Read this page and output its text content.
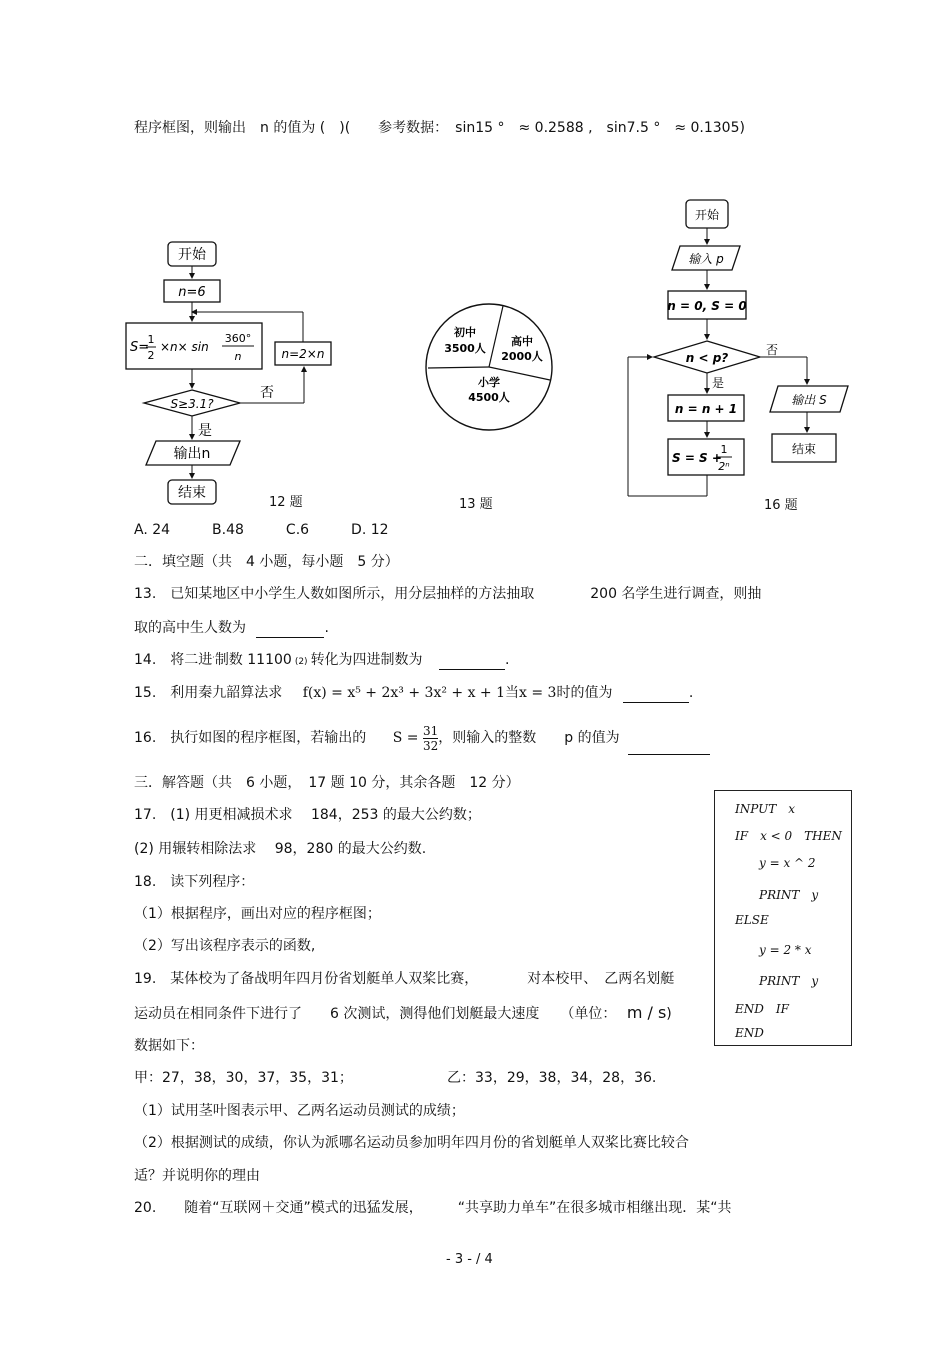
程序框图，则输出　n 的值为 (　)(　　参考数据：　sin15 °　≈ 0.2588 ,　sin7.5 °　≈ 0.1305)
开始
n=6
S=
1
2
×n× sin
360°
n
S≥3.1?
否
n=2×n
是
输出n
结束
12 题
初中
3500人
高中
2000人
小学
4500人
13 题
开始
输入 p
n = 0, S = 0
n < p?
否
输出 S
结束
是
n = n + 1
S = S +
1
2ⁿ
16 题
A. 24　　　B.48　　　C.6　　　D. 12
二．填空题（共　4 小题，每小题　5 分）
13.　已知某地区中小学生人数如图所示，用分层抽样的方法抽取　　　　200 名学生进行调查，则抽
取的高中生人数为	.
14.　将二进‘制数 11100 (2) 转化为四进制数为	.
15.　利用秦九韶算法求 f(x) = x⁵ + 2x³ + 3x² + x + 1当x = 3时的值为	.
16.　执行如图的程序框图，若输出的 $S = \frac{31}{32}$ ，则输入的整数　　p 的值为
三．解答题（共　6 小题，　17 题 10 分，其余各题　12 分）
17.　(1) 用更相减损术求　 184，253 的最大公约数；
(2) 用辗转相除法求　 98，280 的最大公约数.
18.　读下列程序：
（1）根据程序，画出对应的程序框图；
（2）写出该程序表示的函数,
19.　某体校为了备战明年四月份省划艇单人双桨比赛，　　　　对本校甲、　乙两名划艇
运动员在相同条件下进行了　　6 次测试，测得他们划艇最大速度　　（单位： m / s)
数据如下：
甲：27，38，30，37，35，31；	乙：33，29，38，34，28，36.
（1）试用茎叶图表示甲、乙两名运动员测试的成绩；
（2）根据测试的成绩，你认为派哪名运动员参加明年四月份的省划艇单人双桨比赛比较合
适？并说明你的理由
20.　　随着“互联网＋交通”模式的迅猛发展，　　　“共享助力单车”在很多城市相继出现．某“共
INPUT　x
IF　x < 0　THEN
y = x ^ 2
PRINT　y
ELSE
y = 2 * x
PRINT　y
END　IF
END
- 3 - / 4
